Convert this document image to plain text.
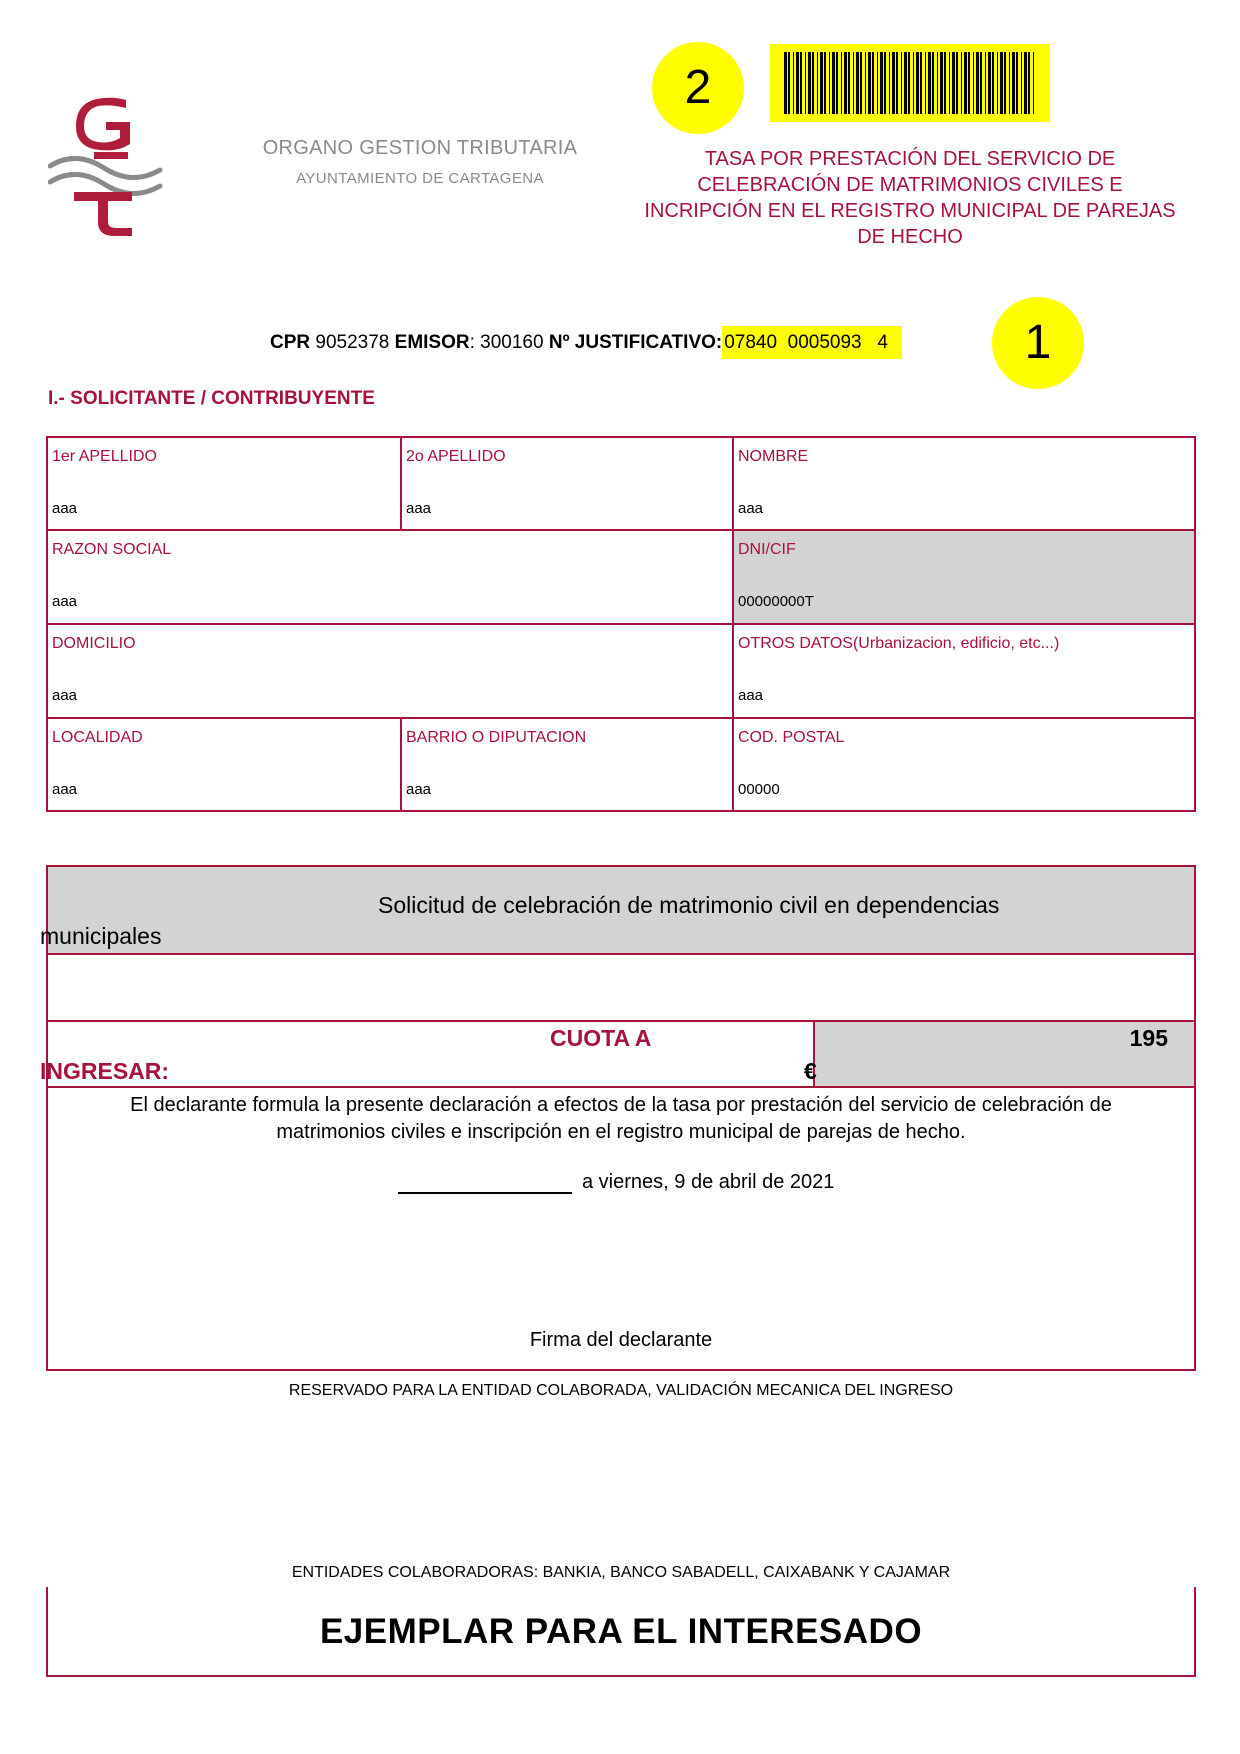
ORGANO GESTION TRIBUTARIA
AYUNTAMIENTO DE CARTAGENA
2
TASA POR PRESTACIÓN DEL SERVICIO DE
CELEBRACIÓN DE MATRIMONIOS CIVILES E
INCRIPCIÓN EN EL REGISTRO MUNICIPAL DE PAREJAS
DE HECHO
CPR 9052378 EMISOR: 300160 Nº JUSTIFICATIVO: 07840  0005093   4	1
I.- SOLICITANTE / CONTRIBUYENTE
1er APELLIDO
aaa
2o APELLIDO
aaa
NOMBRE
aaa
RAZON SOCIAL
aaa
DNI/CIF
00000000T
DOMICILIO
aaa
OTROS DATOS(Urbanizacion, edificio, etc...)
aaa
LOCALIDAD
aaa
BARRIO O DIPUTACION
aaa
COD. POSTAL
00000
Solicitud de celebración de matrimonio civil en dependencias
municipales
CUOTA A
INGRESAR:	€
195
El declarante formula la presente declaración a efectos de la tasa por prestación del servicio de celebración de
matrimonios civiles e inscripción en el registro municipal de parejas de hecho.
a viernes, 9 de abril de 2021
Firma del declarante
RESERVADO PARA LA ENTIDAD COLABORADA, VALIDACIÓN MECANICA DEL INGRESO
ENTIDADES COLABORADORAS: BANKIA, BANCO SABADELL, CAIXABANK Y CAJAMAR
EJEMPLAR PARA EL INTERESADO
